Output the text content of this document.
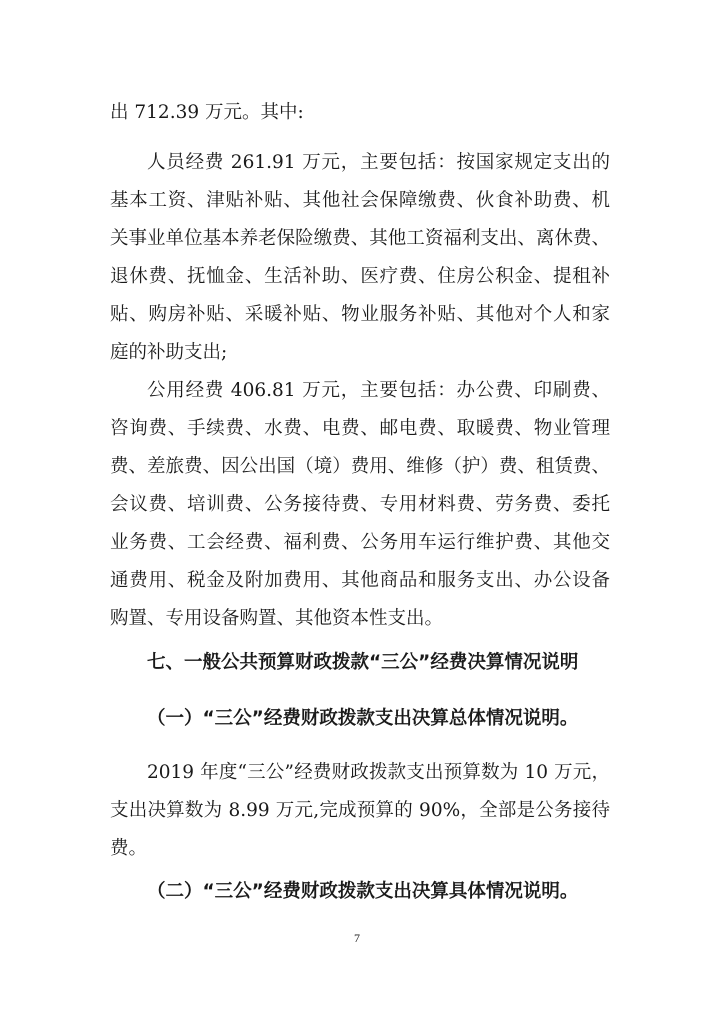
出 712.39 万元。其中:
人员经费 261.91 万元，主要包括：按国家规定支出的
基本工资、津贴补贴、其他社会保障缴费、伙食补助费、机
关事业单位基本养老保险缴费、其他工资福利支出、离休费、
退休费、抚恤金、生活补助、医疗费、住房公积金、提租补
贴、购房补贴、采暖补贴、物业服务补贴、其他对个人和家
庭的补助支出;
公用经费 406.81 万元，主要包括：办公费、印刷费、
咨询费、手续费、水费、电费、邮电费、取暖费、物业管理
费、差旅费、因公出国（境）费用、维修（护）费、租赁费、
会议费、培训费、公务接待费、专用材料费、劳务费、委托
业务费、工会经费、福利费、公务用车运行维护费、其他交
通费用、税金及附加费用、其他商品和服务支出、办公设备
购置、专用设备购置、其他资本性支出。
七、一般公共预算财政拨款“三公”经费决算情况说明
（一）“三公”经费财政拨款支出决算总体情况说明。
2019 年度“三公”经费财政拨款支出预算数为 10 万元，
支出决算数为 8.99 万元,完成预算的 90%，全部是公务接待
费。
（二）“三公”经费财政拨款支出决算具体情况说明。
7
